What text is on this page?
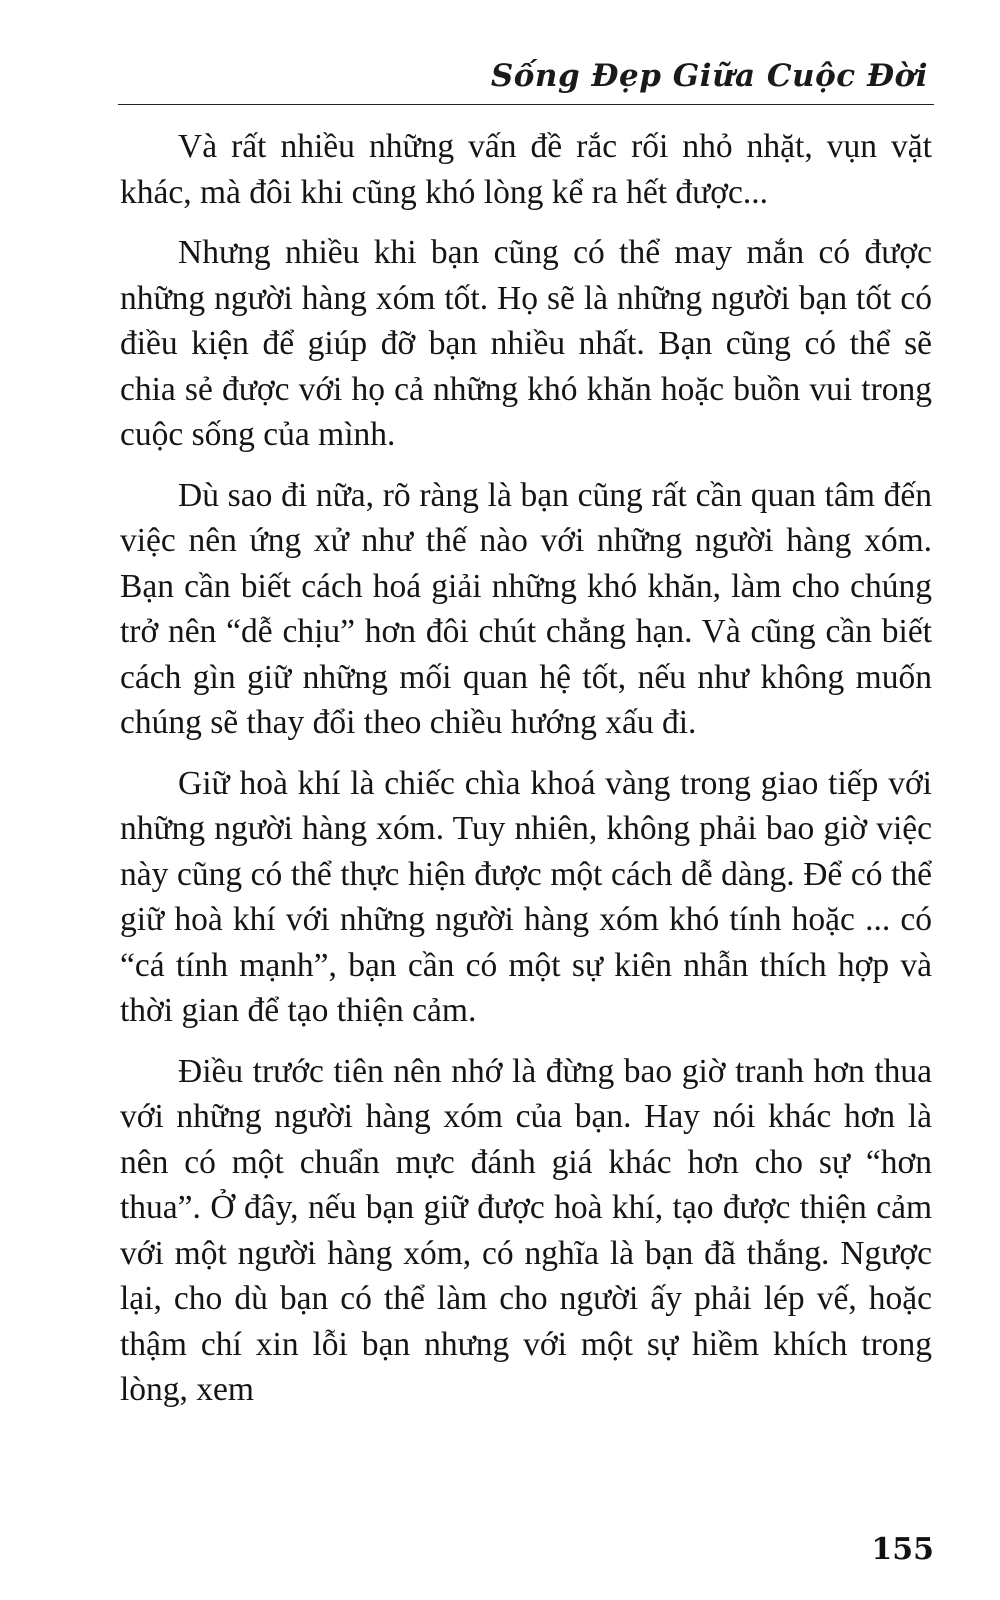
Sống Đẹp Giữa Cuộc Đời

Và rất nhiều những vấn đề rắc rối nhỏ nhặt, vụn vặt khác, mà đôi khi cũng khó lòng kể ra hết được...

Nhưng nhiều khi bạn cũng có thể may mắn có được những người hàng xóm tốt. Họ sẽ là những người bạn tốt có điều kiện để giúp đỡ bạn nhiều nhất. Bạn cũng có thể sẽ chia sẻ được với họ cả những khó khăn hoặc buồn vui trong cuộc sống của mình.

Dù sao đi nữa, rõ ràng là bạn cũng rất cần quan tâm đến việc nên ứng xử như thế nào với những người hàng xóm. Bạn cần biết cách hoá giải những khó khăn, làm cho chúng trở nên “dễ chịu” hơn đôi chút chẳng hạn. Và cũng cần biết cách gìn giữ những mối quan hệ tốt, nếu như không muốn chúng sẽ thay đổi theo chiều hướng xấu đi.

Giữ hoà khí là chiếc chìa khoá vàng trong giao tiếp với những người hàng xóm. Tuy nhiên, không phải bao giờ việc này cũng có thể thực hiện được một cách dễ dàng. Để có thể giữ hoà khí với những người hàng xóm khó tính hoặc ... có “cá tính mạnh”, bạn cần có một sự kiên nhẫn thích hợp và thời gian để tạo thiện cảm.

Điều trước tiên nên nhớ là đừng bao giờ tranh hơn thua với những người hàng xóm của bạn. Hay nói khác hơn là nên có một chuẩn mực đánh giá khác hơn cho sự “hơn thua”. Ở đây, nếu bạn giữ được hoà khí, tạo được thiện cảm với một người hàng xóm, có nghĩa là bạn đã thắng. Ngược lại, cho dù bạn có thể làm cho người ấy phải lép vế, hoặc thậm chí xin lỗi bạn nhưng với một sự hiềm khích trong lòng, xem

155
